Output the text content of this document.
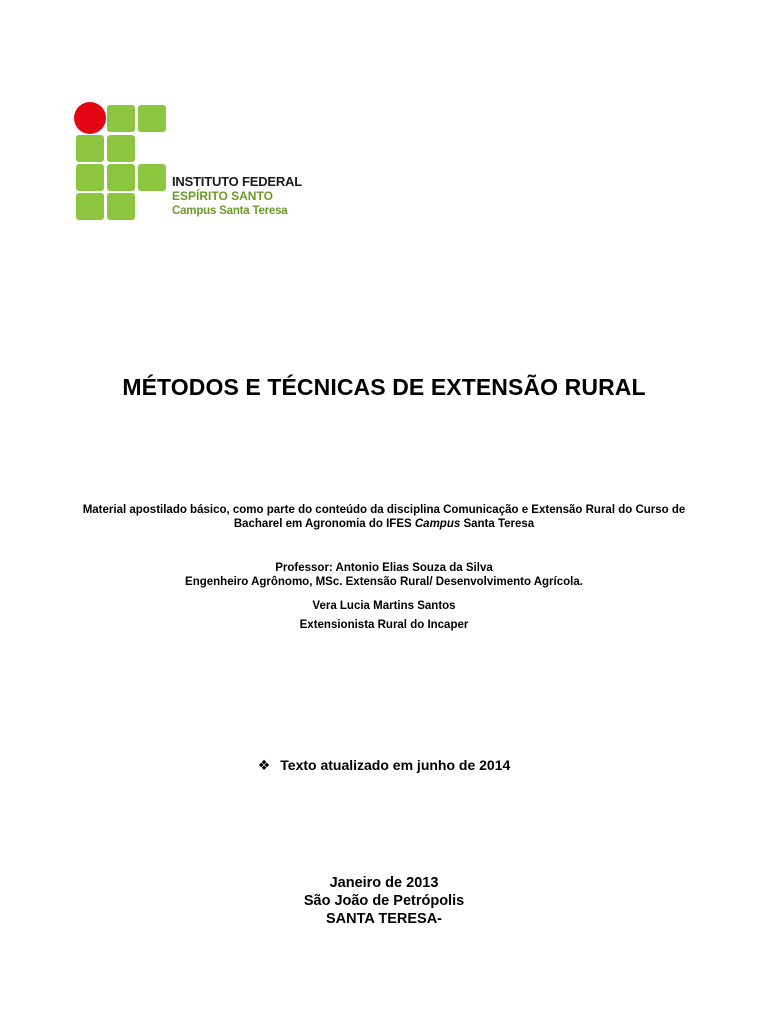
INSTITUTO FEDERAL
ESPÍRITO SANTO
Campus Santa Teresa
MÉTODOS E TÉCNICAS DE EXTENSÃO RURAL
Material apostilado básico, como parte do conteúdo da disciplina Comunicação e Extensão Rural do Curso de
Bacharel em Agronomia do IFES Campus Santa Teresa
Professor: Antonio Elias Souza da Silva
Engenheiro Agrônomo, MSc. Extensão Rural/ Desenvolvimento Agrícola.
Vera Lucia Martins Santos
Extensionista Rural do Incaper
❖ Texto atualizado em junho de 2014
Janeiro de 2013
São João de Petrópolis
SANTA TERESA-
